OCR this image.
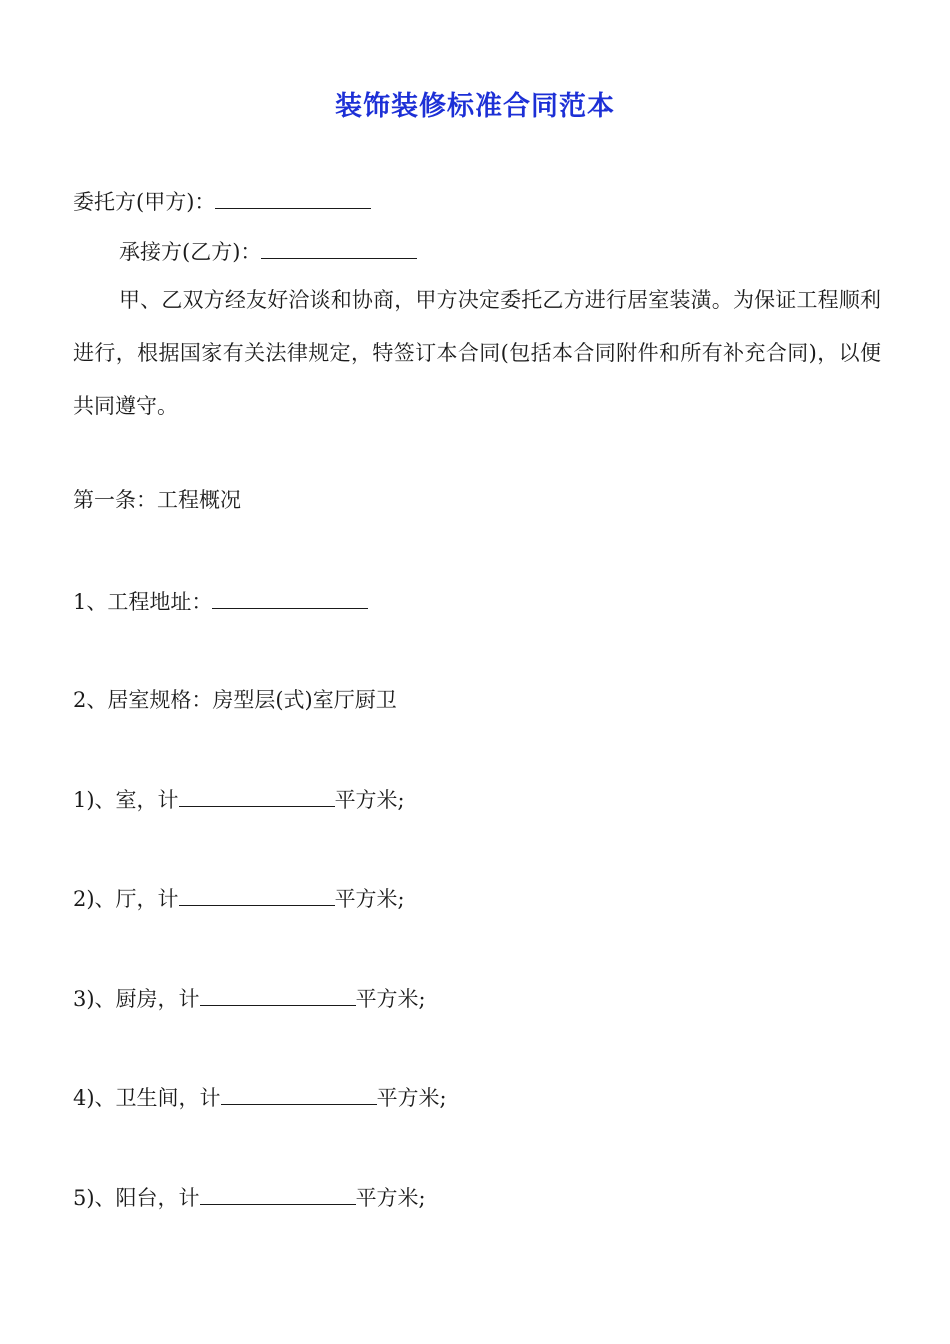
装饰装修标准合同范本
委托方(甲方)：
承接方(乙方)：
甲、乙双方经友好洽谈和协商，甲方决定委托乙方进行居室装潢。为保证工程顺利进行，根据国家有关法律规定，特签订本合同(包括本合同附件和所有补充合同)，以便共同遵守。
第一条：工程概况
1、工程地址：
2、居室规格：房型层(式)室厅厨卫
1)、室，计	平方米;
2)、厅，计	平方米;
3)、厨房，计	平方米;
4)、卫生间，计	平方米;
5)、阳台，计	平方米;
